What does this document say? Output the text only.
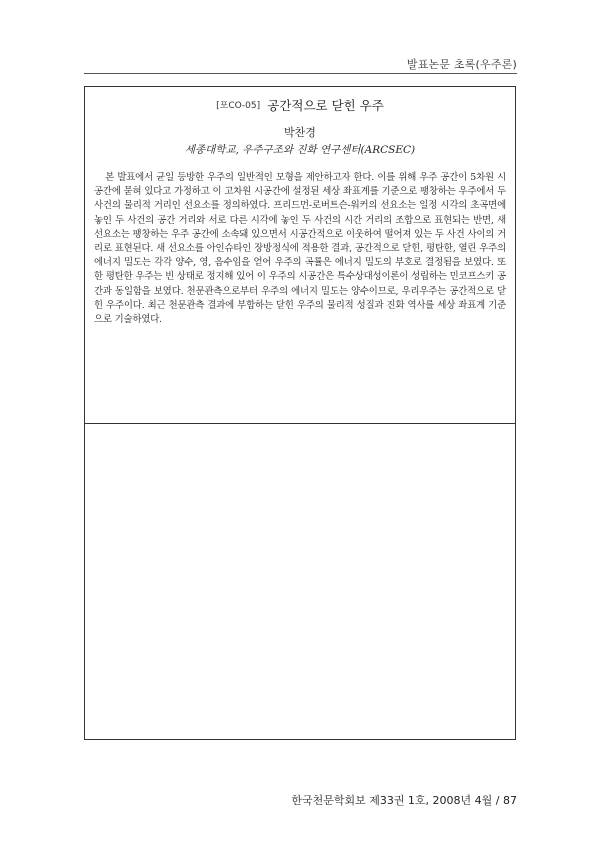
발표논문 초록(우주론)
[포CO-05] 공간적으로 닫힌 우주
박찬경
세종대학교, 우주구조와 진화 연구센터(ARCSEC)

본 발표에서 균일 등방한 우주의 일반적인 모형을 제안하고자 한다. 이를 위해 우주 공간이 5차원 시공간에 묻혀 있다고 가정하고 이 고차원 시공간에 설정된 세상 좌표계를 기준으로 팽창하는 우주에서 두 사건의 물리적 거리인 선요소를 정의하였다. 프리드먼-로버트슨-워커의 선요소는 일정 시각의 초곡면에 놓인 두 사건의 공간 거리와 서로 다른 시각에 놓인 두 사건의 시간 거리의 조합으로 표현되는 반면, 새 선요소는 팽창하는 우주 공간에 소속돼 있으면서 시공간적으로 이웃하여 떨어져 있는 두 사건 사이의 거리로 표현된다. 새 선요소를 아인슈타인 장방정식에 적용한 결과, 공간적으로 닫힌, 평탄한, 열린 우주의 에너지 밀도는 각각 양수, 영, 음수임을 얻어 우주의 곡률은 에너지 밀도의 부호로 결정됨을 보였다. 또한 평탄한 우주는 빈 상태로 정지해 있어 이 우주의 시공간은 특수상대성이론이 성립하는 민코프스키 공간과 동일함을 보였다. 천문관측으로부터 우주의 에너지 밀도는 양수이므로, 우리우주는 공간적으로 닫힌 우주이다. 최근 천문관측 결과에 부합하는 닫힌 우주의 물리적 성질과 진화 역사를 세상 좌표계 기준으로 기술하였다.

한국천문학회보 제33권 1호, 2008년 4월 / 87
